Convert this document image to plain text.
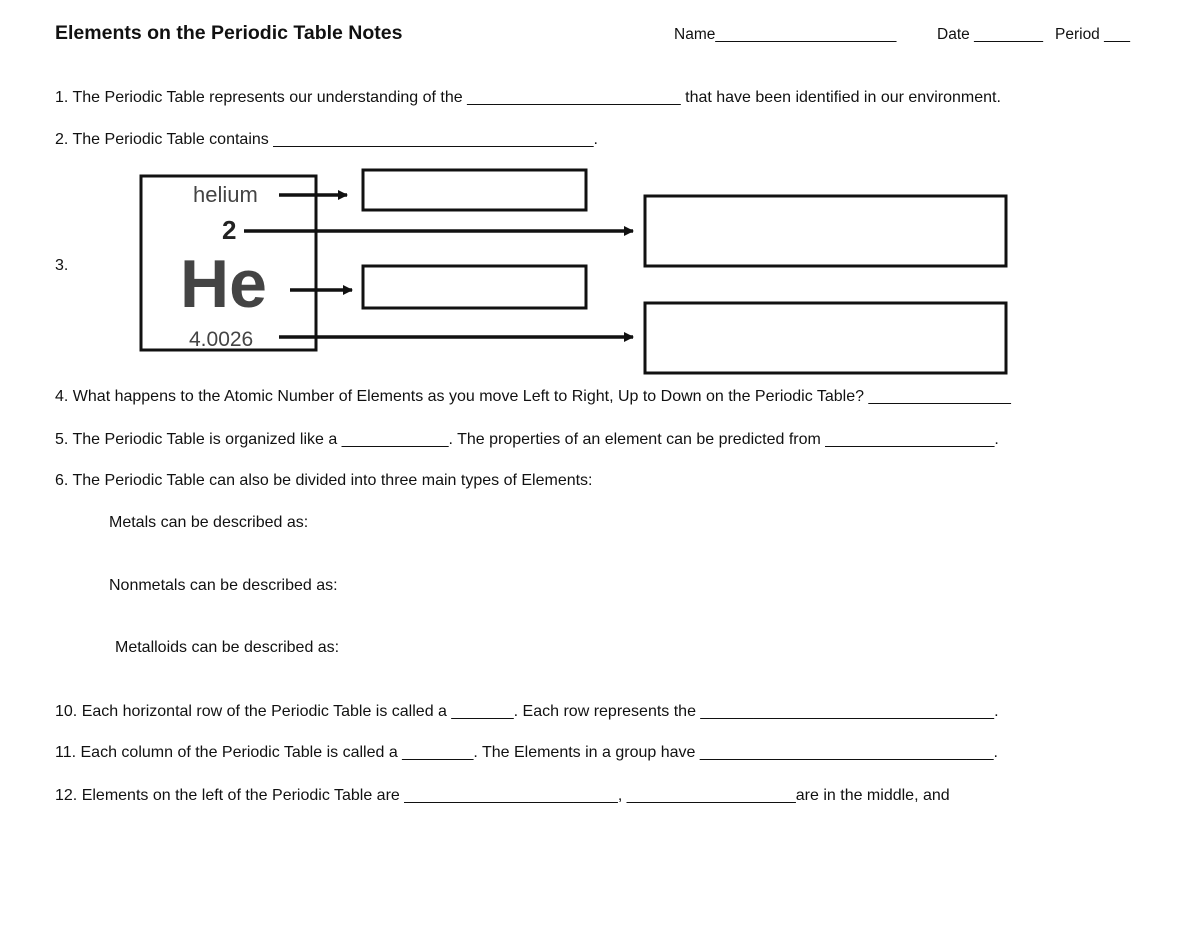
Elements on the Periodic Table Notes	Name_____________________	Date ________ Period ___
1. The Periodic Table represents our understanding of the ________________________ that have been identified in our environment.
2. The Periodic Table contains ____________________________________.
3.
helium
2
He
4.0026
4. What happens to the Atomic Number of Elements as you move Left to Right, Up to Down on the Periodic Table? ________________
5. The Periodic Table is organized like a ____________. The properties of an element can be predicted from ___________________.
6. The Periodic Table can also be divided into three main types of Elements:
Metals can be described as:
Nonmetals can be described as:
Metalloids can be described as:
10. Each horizontal row of the Periodic Table is called a _______. Each row represents the _________________________________.
11. Each column of the Periodic Table is called a ________. The Elements in a group have _________________________________.
12. Elements on the left of the Periodic Table are ________________________, ___________________are in the middle, and
